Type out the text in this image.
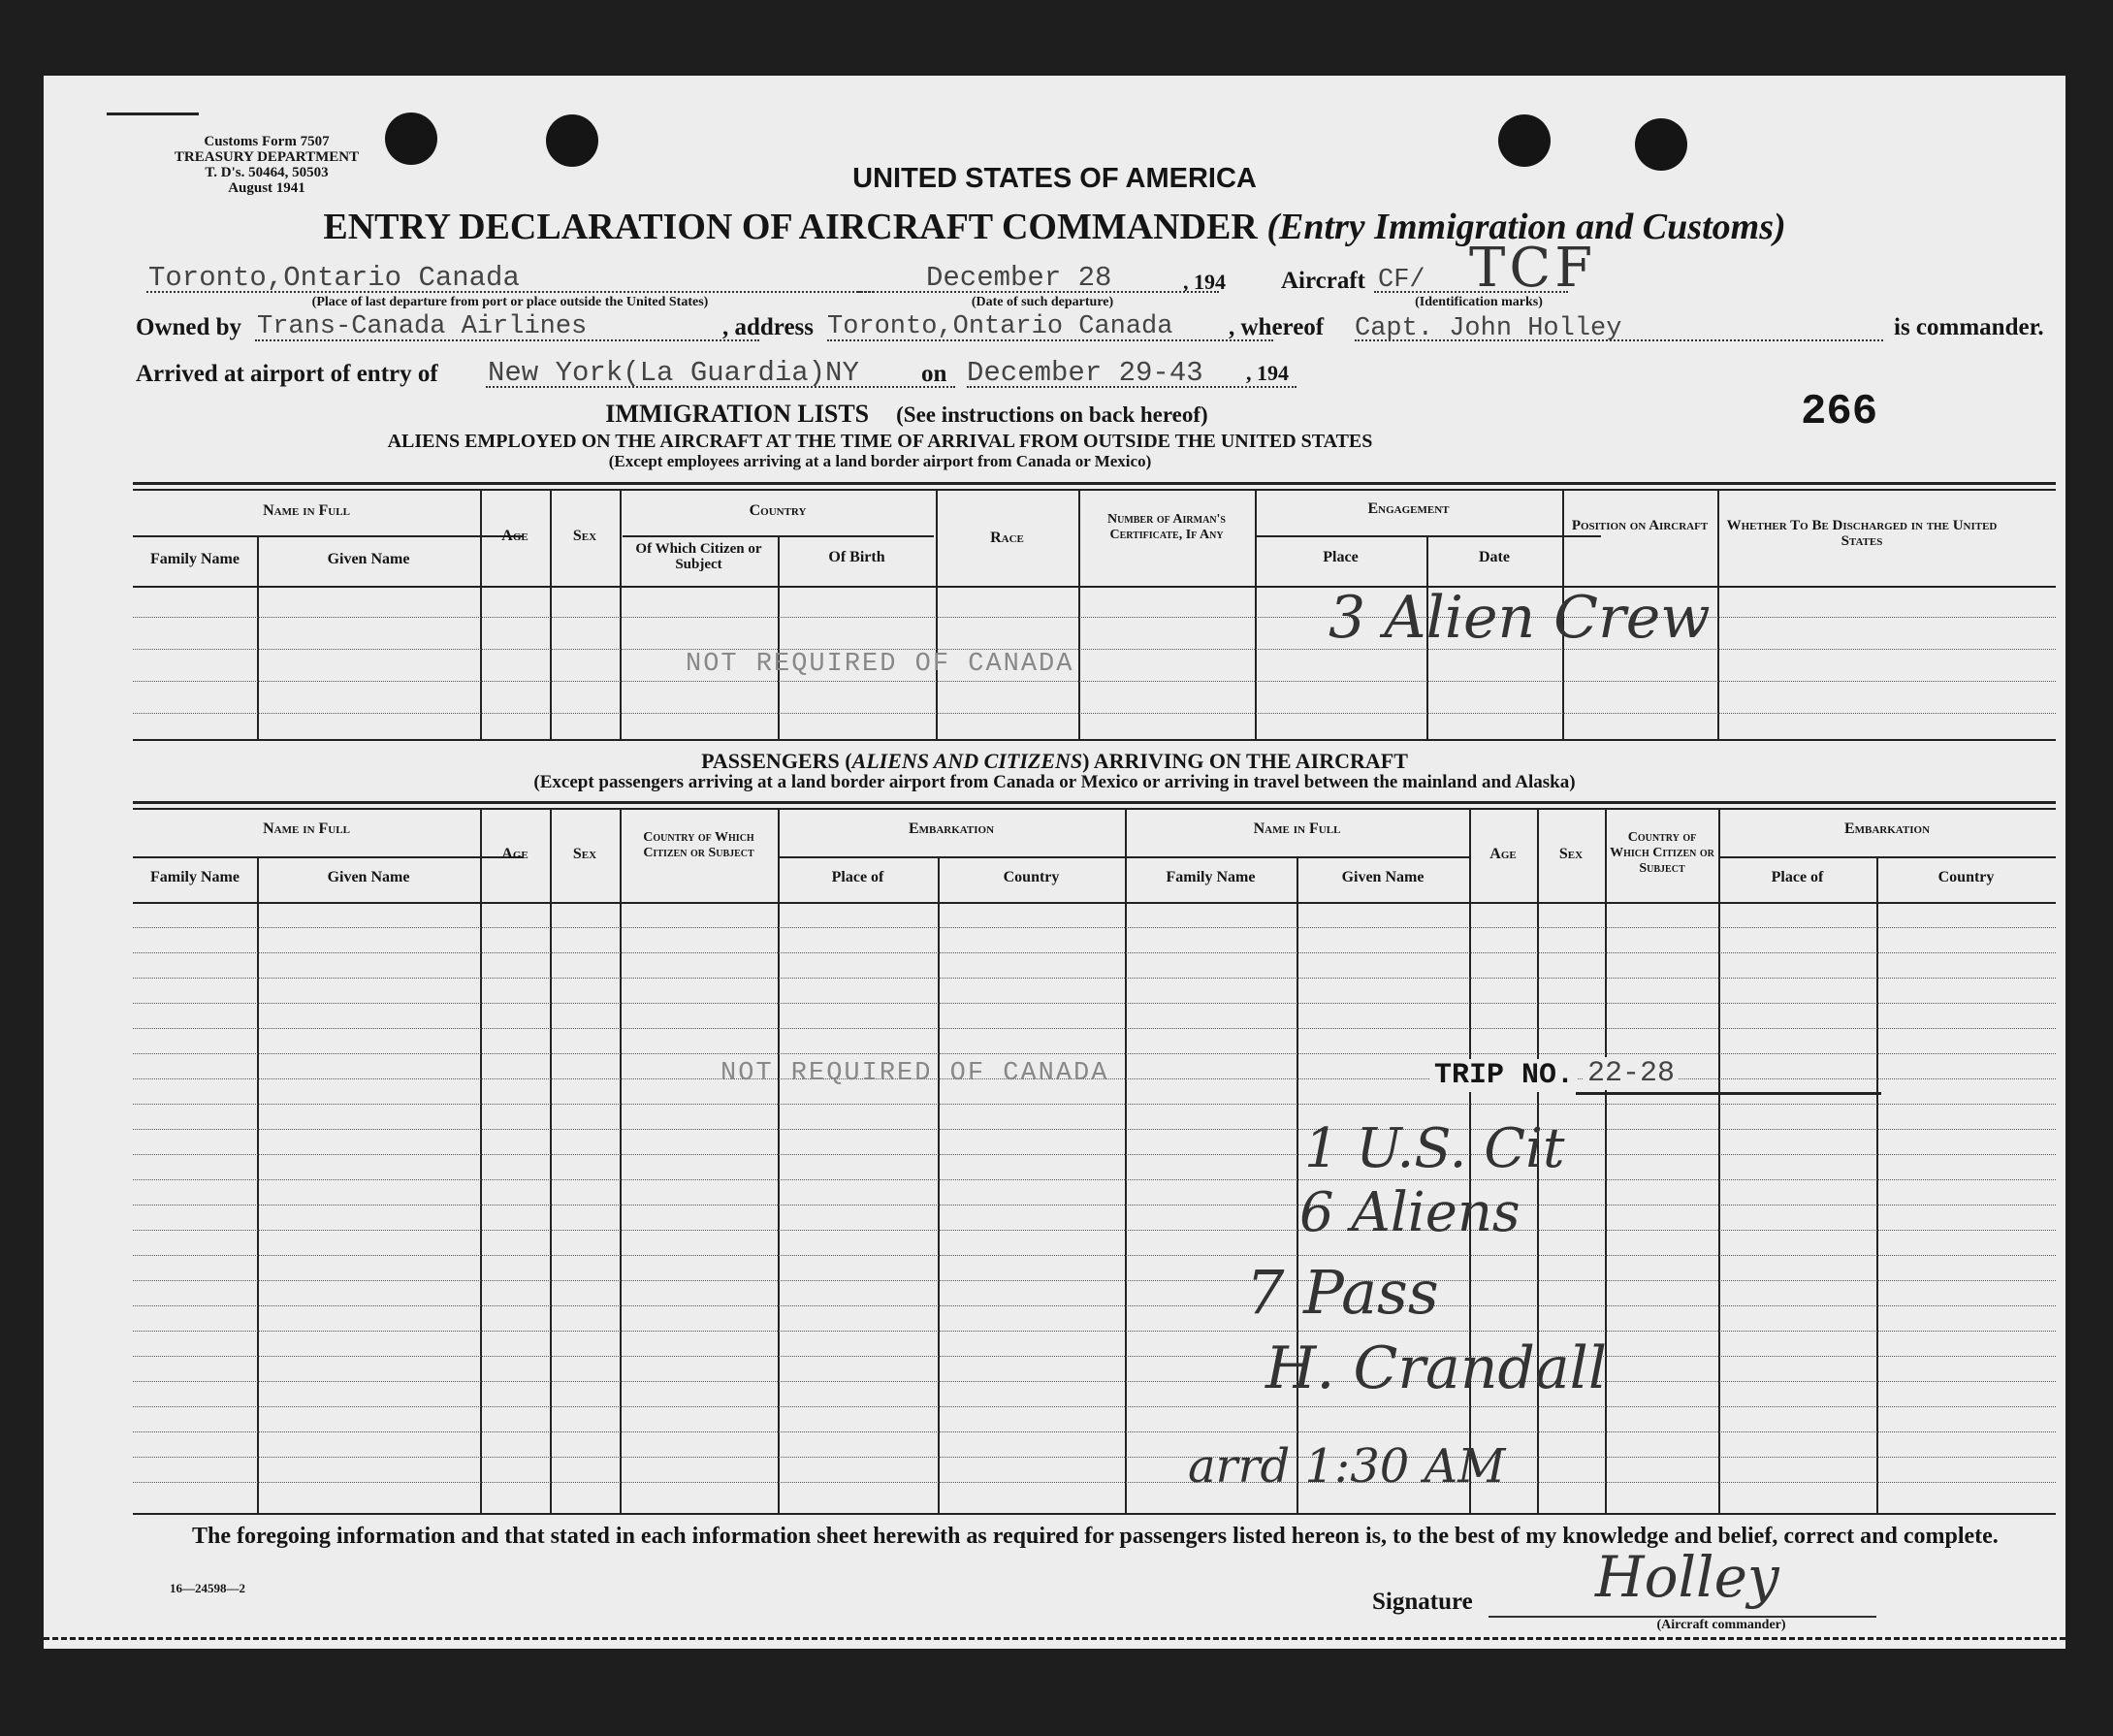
Customs Form 7507
TREASURY DEPARTMENT
T. D's. 50464, 50503
August 1941	UNITED STATES OF AMERICA
ENTRY DECLARATION OF AIRCRAFT COMMANDER (Entry Immigration and Customs)
Toronto,Ontario Canada
(Place of last departure from port or place outside the United States)
December 28	, 194
(Date of such departure)
Aircraft CF/ TCF
(Identification marks)
Owned by Trans-Canada Airlines	, address Toronto,Ontario Canada , whereof Capt. John Holley	is commander.
Arrived at airport of entry of New York(La Guardia)NY	on December 29-43 , 194
266
IMMIGRATION LISTS (See instructions on back hereof)
ALIENS EMPLOYED ON THE AIRCRAFT AT THE TIME OF ARRIVAL FROM OUTSIDE THE UNITED STATES
(Except employees arriving at a land border airport from Canada or Mexico)
Name in Full
Family Name	Given Name
Age	Sex
Country
Of Which Citizen or Subject	Of Birth
Race
Number of Airman's Certificate, If Any
Engagement
Place	Date
Position on Aircraft	Whether To Be Discharged in the United States
NOT REQUIRED OF CANADA
3 Alien Crew
PASSENGERS (ALIENS AND CITIZENS) ARRIVING ON THE AIRCRAFT
(Except passengers arriving at a land border airport from Canada or Mexico or arriving in travel between the mainland and Alaska)
Name in Full
Family Name	Given Name
Age	Sex
Country of Which Citizen or Subject
Embarkation
Place of	Country
Name in Full
Family Name	Given Name
Age	Sex
Country of Which Citizen or Subject
Embarkation
Place of	Country
NOT REQUIRED OF CANADA	TRIP NO. 22-28
1 U.S. Cit
6 Aliens
7 Pass
H. Crandall
arrd 1:30 AM
The foregoing information and that stated in each information sheet herewith as required for passengers listed hereon is, to the best of my knowledge and belief, correct and complete.
16—24598—2
Signature Holley
(Aircraft commander)
